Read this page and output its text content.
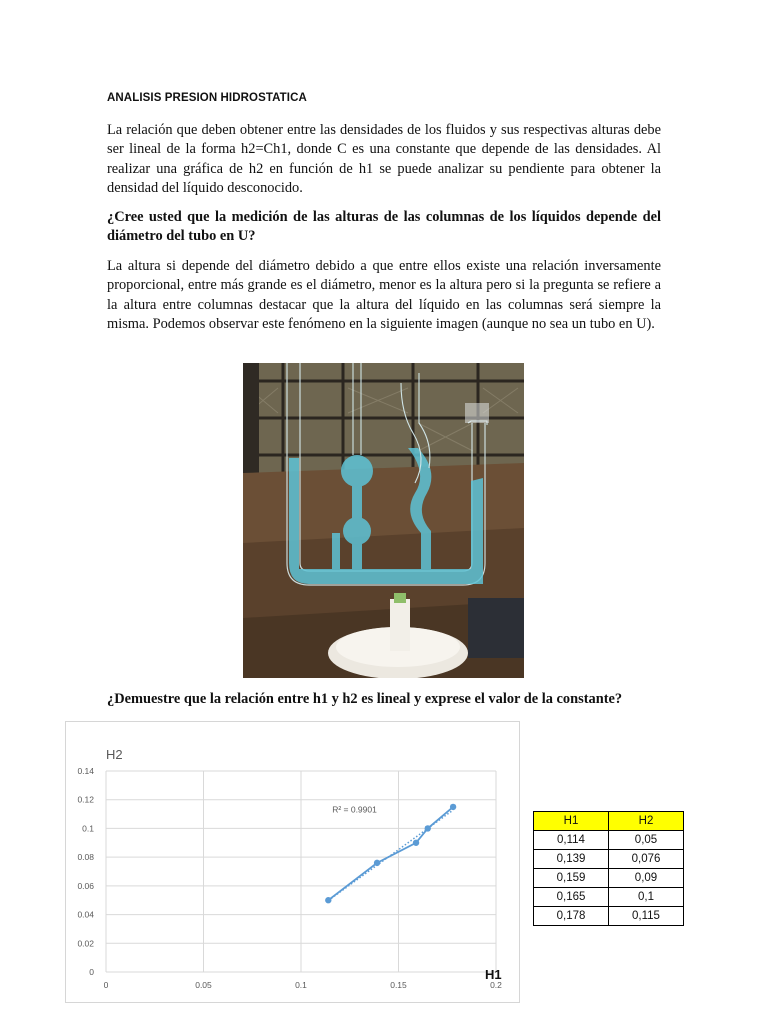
ANALISIS PRESION HIDROSTATICA

La relación que deben obtener entre las densidades de los fluidos y sus respectivas alturas debe ser lineal de la forma h2=Ch1, donde C es una constante que depende de las densidades. Al realizar una gráfica de h2 en función de h1 se puede analizar su pendiente para obtener la densidad del líquido desconocido.

¿Cree usted que la medición de las alturas de las columnas de los líquidos depende del diámetro del tubo en U?

La altura si depende del diámetro debido a que entre ellos existe una relación inversamente proporcional, entre más grande es el diámetro, menor es la altura pero si la pregunta se refiere a la altura entre columnas destacar que la altura del líquido en las columnas será siempre la misma. Podemos observar este fenómeno en la siguiente imagen (aunque no sea un tubo en U).

¿Demuestre que la relación entre h1 y h2 es lineal y exprese el valor de la constante?

0
0.02
0.04
0.06
0.08
0.1
0.12
0.14
0	0.05	0.1	0.15	0.2
H2
H1
R² = 0.9901
H1	H2
0,114	0,05
0,139	0,076
0,159	0,09
0,165	0,1
0,178	0,115
